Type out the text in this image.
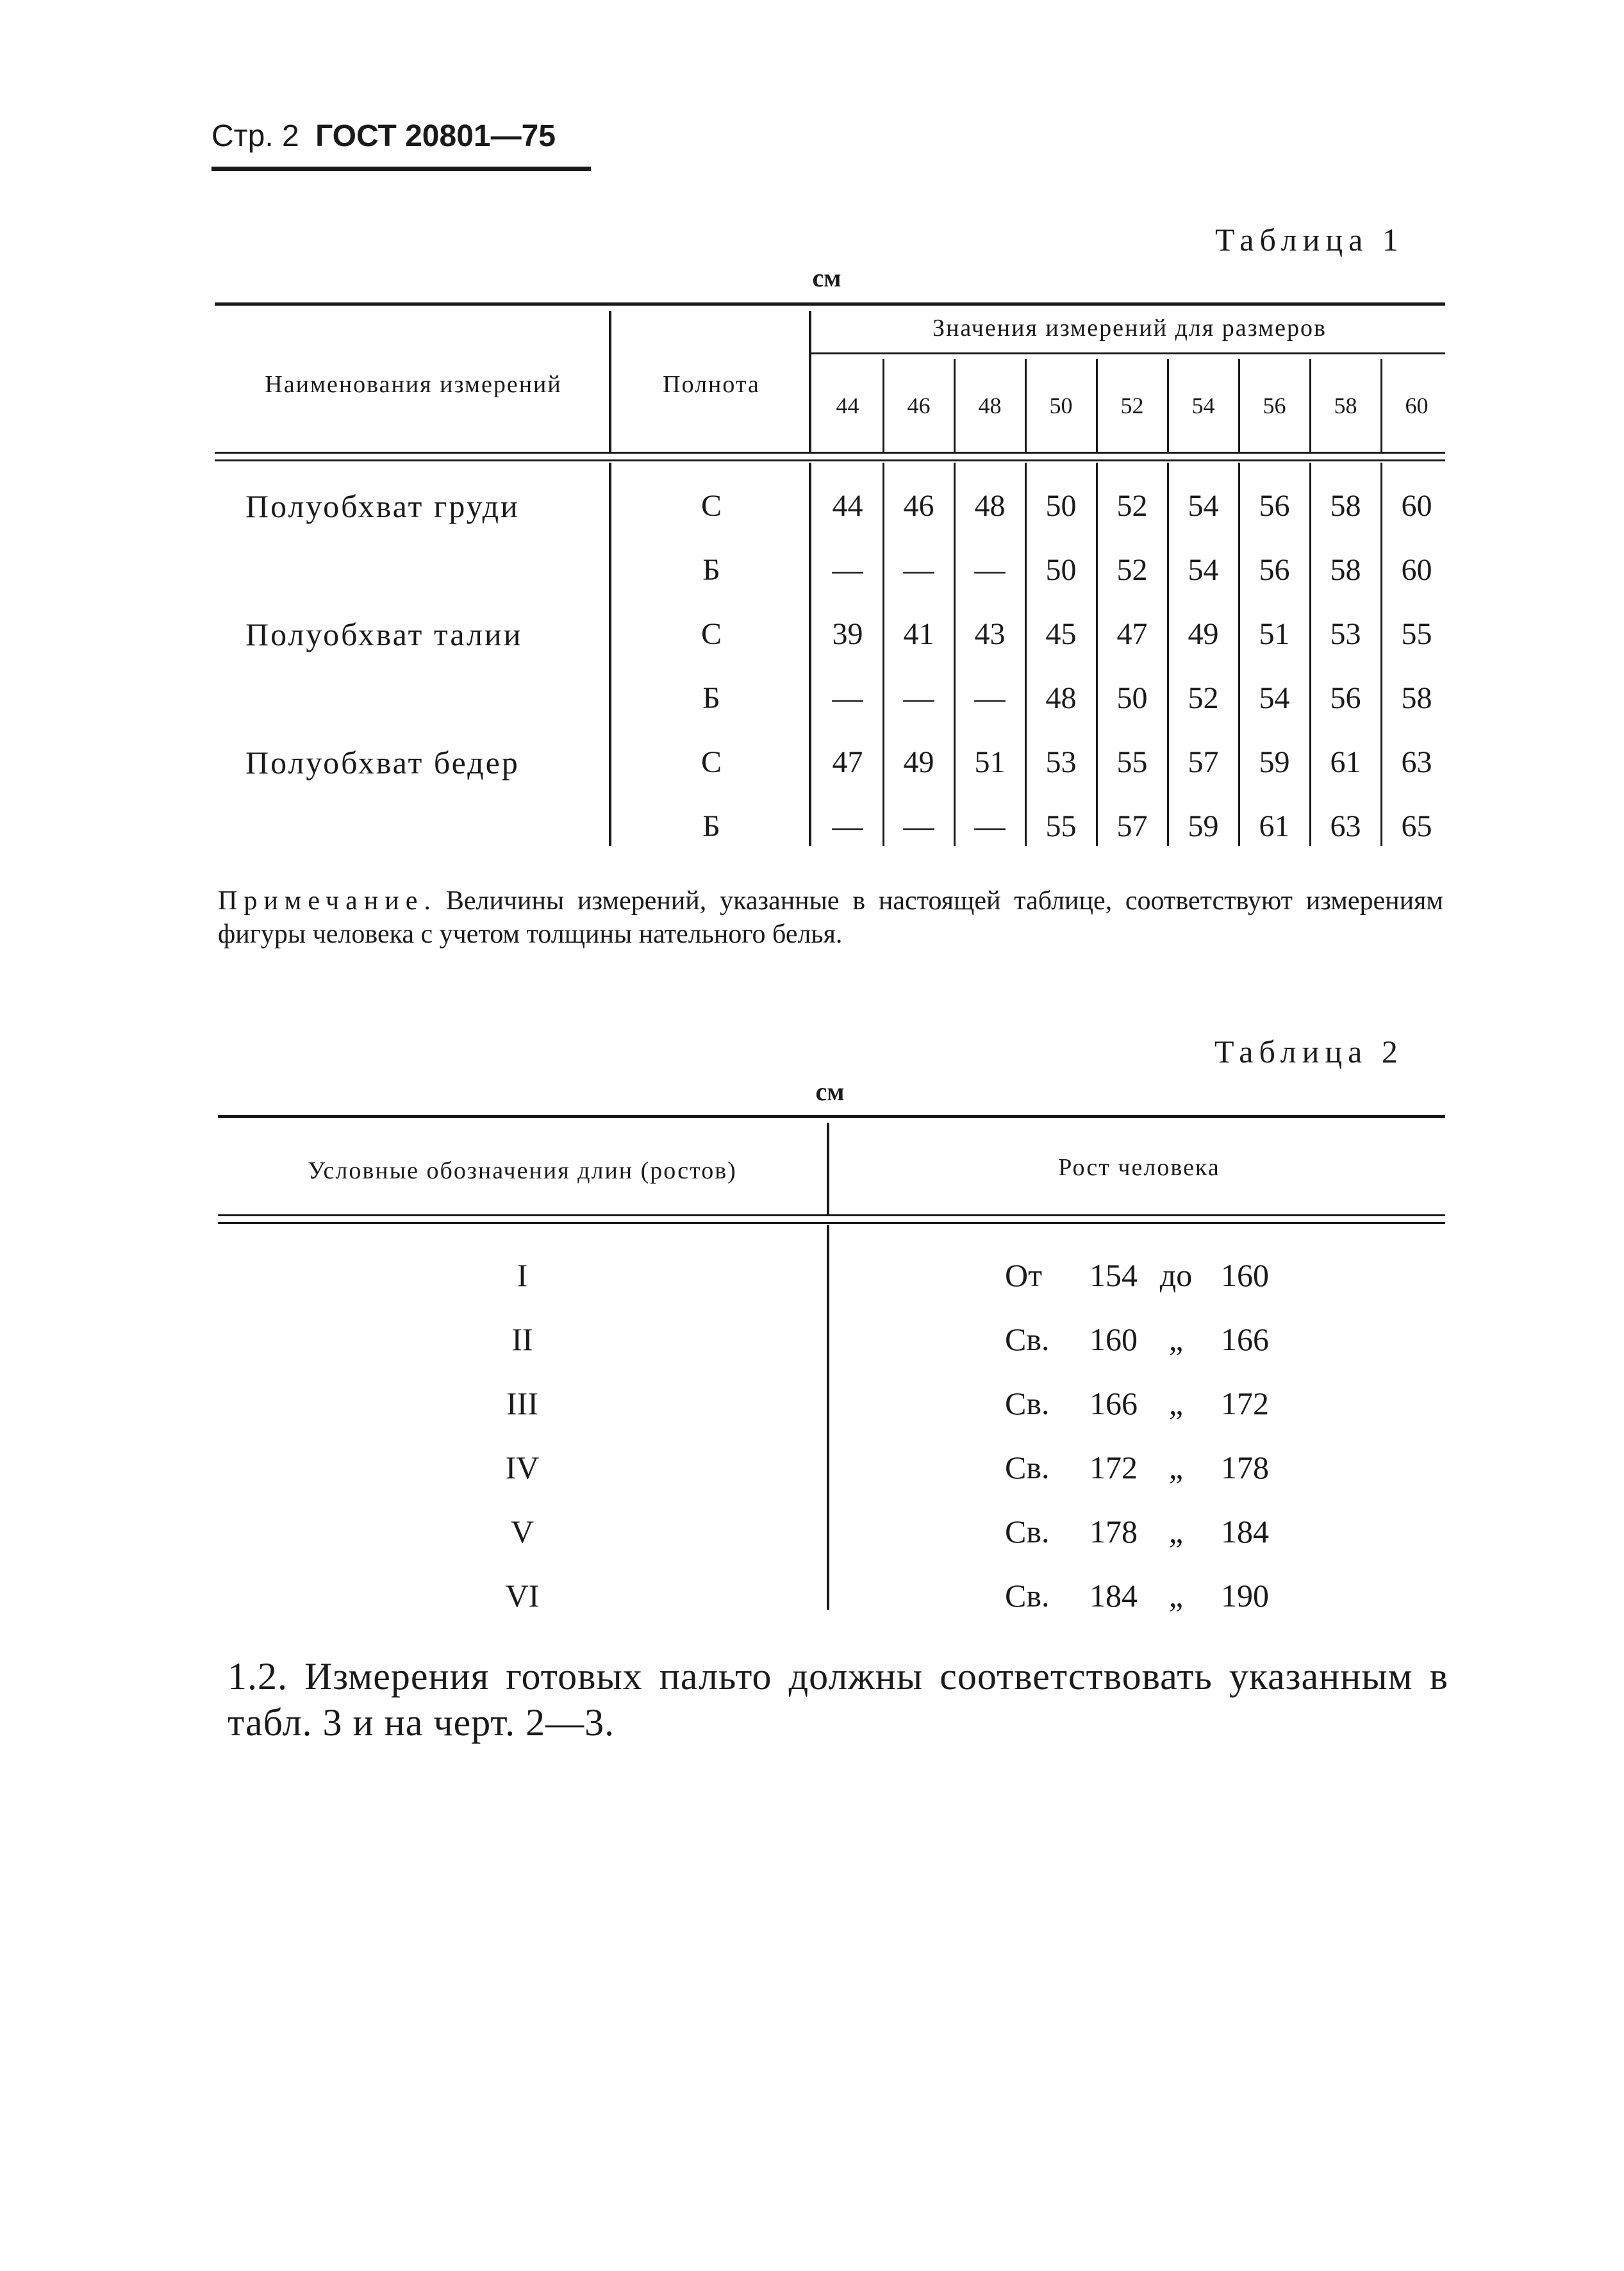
Стр. 2 ГОСТ 20801—75
Таблица 1
см
Наименования измерений	Полнота
Значения измерений для размеров
44	46	48	50	52	54	56	58	60
Полуобхват груди	С	44	46	48	50	52	54	56	58	60
Б	—	—	—	50	52	54	56	58	60
Полуобхват талии	С	39	41	43	45	47	49	51	53	55
Б	—	—	—	48	50	52	54	56	58
Полуобхват бедер	С	47	49	51	53	55	57	59	61	63
Б	—	—	—	55	57	59	61	63	65
Примечание. Величины измерений, указанные в настоящей таблице, соответствуют измерениям фигуры человека с учетом толщины нательного белья.
Таблица 2
см
Условные обозначения длин (ростов)	Рост человека
I	От 154 до 160
II	Св. 160 „	166
III	Св. 166 „	172
IV	Св. 172 „	178
V	Св. 178 „	184
VI	Св. 184 „	190
1.2. Измерения готовых пальто должны соответствовать указанным в табл. 3 и на черт. 2—3.
